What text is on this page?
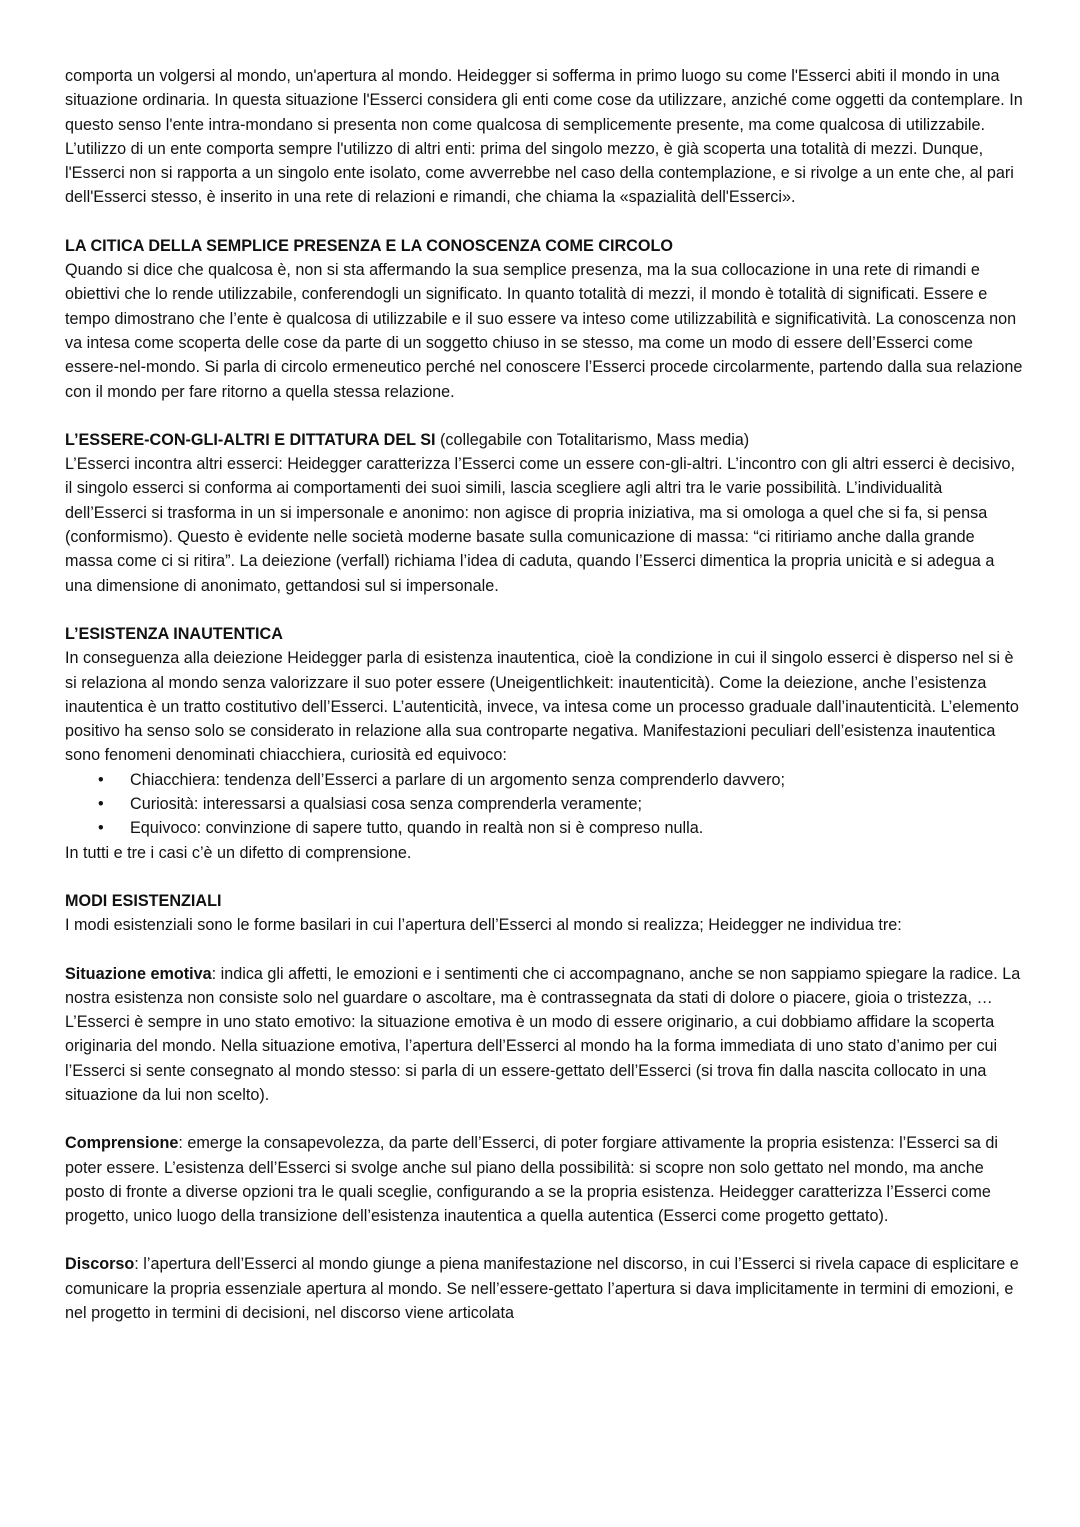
comporta un volgersi al mondo, un'apertura al mondo. Heidegger si sofferma in primo luogo su come l'Esserci abiti il mondo in una situazione ordinaria. In questa situazione l'Esserci considera gli enti come cose da utilizzare, anziché come oggetti da contemplare. In questo senso l'ente intra-mondano si presenta non come qualcosa di semplicemente presente, ma come qualcosa di utilizzabile. L’utilizzo di un ente comporta sempre l'utilizzo di altri enti: prima del singolo mezzo, è già scoperta una totalità di mezzi. Dunque, l'Esserci non si rapporta a un singolo ente isolato, come avverrebbe nel caso della contemplazione, e si rivolge a un ente che, al pari dell'Esserci stesso, è inserito in una rete di relazioni e rimandi, che chiama la «spazialità dell'Esserci».

LA CITICA DELLA SEMPLICE PRESENZA E LA CONOSCENZA COME CIRCOLO

Quando si dice che qualcosa è, non si sta affermando la sua semplice presenza, ma la sua collocazione in una rete di rimandi e obiettivi che lo rende utilizzabile, conferendogli un significato. In quanto totalità di mezzi, il mondo è totalità di significati. Essere e tempo dimostrano che l’ente è qualcosa di utilizzabile e il suo essere va inteso come utilizzabilità e significatività. La conoscenza non va intesa come scoperta delle cose da parte di un soggetto chiuso in se stesso, ma come un modo di essere dell’Esserci come essere-nel-mondo. Si parla di circolo ermeneutico perché nel conoscere l’Esserci procede circolarmente, partendo dalla sua relazione con il mondo per fare ritorno a quella stessa relazione.

L’ESSERE-CON-GLI-ALTRI E DITTATURA DEL SI (collegabile con Totalitarismo, Mass media)

L’Esserci incontra altri esserci: Heidegger caratterizza l’Esserci come un essere con-gli-altri. L’incontro con gli altri esserci è decisivo, il singolo esserci si conforma ai comportamenti dei suoi simili, lascia scegliere agli altri tra le varie possibilità. L’individualità dell’Esserci si trasforma in un si impersonale e anonimo: non agisce di propria iniziativa, ma si omologa a quel che si fa, si pensa (conformismo). Questo è evidente nelle società moderne basate sulla comunicazione di massa: “ci ritiriamo anche dalla grande massa come ci si ritira”. La deiezione (verfall) richiama l’idea di caduta, quando l’Esserci dimentica la propria unicità e si adegua a una dimensione di anonimato, gettandosi sul si impersonale.

L’ESISTENZA INAUTENTICA

In conseguenza alla deiezione Heidegger parla di esistenza inautentica, cioè la condizione in cui il singolo esserci è disperso nel si è si relaziona al mondo senza valorizzare il suo poter essere (Uneigentlichkeit: inautenticità). Come la deiezione, anche l’esistenza inautentica è un tratto costitutivo dell’Esserci. L’autenticità, invece, va intesa come un processo graduale dall’inautenticità. L’elemento positivo ha senso solo se considerato in relazione alla sua controparte negativa. Manifestazioni peculiari dell’esistenza inautentica sono fenomeni denominati chiacchiera, curiosità ed equivoco:

• Chiacchiera: tendenza dell’Esserci a parlare di un argomento senza comprenderlo davvero;
• Curiosità: interessarsi a qualsiasi cosa senza comprenderla veramente;
• Equivoco: convinzione di sapere tutto, quando in realtà non si è compreso nulla.

In tutti e tre i casi c’è un difetto di comprensione.

MODI ESISTENZIALI

I modi esistenziali sono le forme basilari in cui l’apertura dell’Esserci al mondo si realizza; Heidegger ne individua tre:

Situazione emotiva: indica gli affetti, le emozioni e i sentimenti che ci accompagnano, anche se non sappiamo spiegare la radice. La nostra esistenza non consiste solo nel guardare o ascoltare, ma è contrassegnata da stati di dolore o piacere, gioia o tristezza, … L’Esserci è sempre in uno stato emotivo: la situazione emotiva è un modo di essere originario, a cui dobbiamo affidare la scoperta originaria del mondo. Nella situazione emotiva, l’apertura dell’Esserci al mondo ha la forma immediata di uno stato d’animo per cui l’Esserci si sente consegnato al mondo stesso: si parla di un essere-gettato dell’Esserci (si trova fin dalla nascita collocato in una situazione da lui non scelto).

Comprensione: emerge la consapevolezza, da parte dell’Esserci, di poter forgiare attivamente la propria esistenza: l’Esserci sa di poter essere. L’esistenza dell’Esserci si svolge anche sul piano della possibilità: si scopre non solo gettato nel mondo, ma anche posto di fronte a diverse opzioni tra le quali sceglie, configurando a se la propria esistenza. Heidegger caratterizza l’Esserci come progetto, unico luogo della transizione dell’esistenza inautentica a quella autentica (Esserci come progetto gettato).

Discorso: l’apertura dell’Esserci al mondo giunge a piena manifestazione nel discorso, in cui l’Esserci si rivela capace di esplicitare e comunicare la propria essenziale apertura al mondo. Se nell’essere-gettato l’apertura si dava implicitamente in termini di emozioni, e nel progetto in termini di decisioni, nel discorso viene articolata
